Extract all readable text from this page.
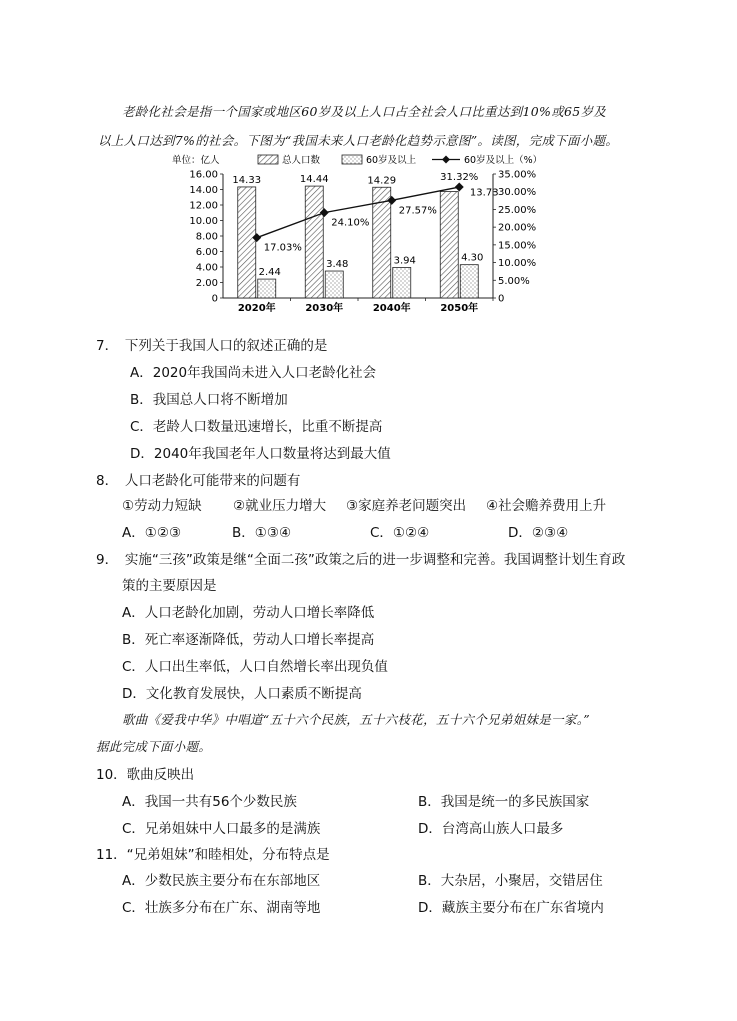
老龄化社会是指一个国家或地区60岁及以上人口占全社会人口比重达到10%或65岁及
以上人口达到7%的社会。下图为“我国未来人口老龄化趋势示意图”。读图，完成下面小题。
单位：亿人	总人口数	60岁及以上	60岁及以上（%）
0
2.00
4.00
6.00
8.00
10.00
12.00
14.00
16.00
0
5.00%
10.00%
15.00%
20.00%
25.00%
30.00%
35.00%
2020年	2030年	2040年	2050年
14.33
2.44
14.44
3.48
14.29
3.94
13.73
4.30
17.03%
24.10%
27.57%
31.32%
7．　下列关于我国人口的叙述正确的是
A．2020年我国尚未进入人口老龄化社会
B．我国总人口将不断增加
C．老龄人口数量迅速增长，比重不断提高
D．2040年我国老年人口数量将达到最大值
8．　人口老龄化可能带来的问题有
①劳动力短缺 ②就业压力增大 ③家庭养老问题突出 ④社会赡养费用上升
A．①②③	B．①③④	C．①②④	D．②③④
9．　实施“三孩”政策是继“全面二孩”政策之后的进一步调整和完善。我国调整计划生育政
策的主要原因是
A．人口老龄化加剧，劳动人口增长率降低
B．死亡率逐渐降低，劳动人口增长率提高
C．人口出生率低，人口自然增长率出现负值
D．文化教育发展快，人口素质不断提高
歌曲《爱我中华》中唱道“五十六个民族，五十六枝花，五十六个兄弟姐妹是一家。”
据此完成下面小题。
10．歌曲反映出
A．我国一共有56个少数民族	B．我国是统一的多民族国家
C．兄弟姐妹中人口最多的是满族	D．台湾高山族人口最多
11．“兄弟姐妹”和睦相处，分布特点是
A．少数民族主要分布在东部地区	B．大杂居，小聚居，交错居住
C．壮族多分布在广东、湖南等地	D．藏族主要分布在广东省境内
